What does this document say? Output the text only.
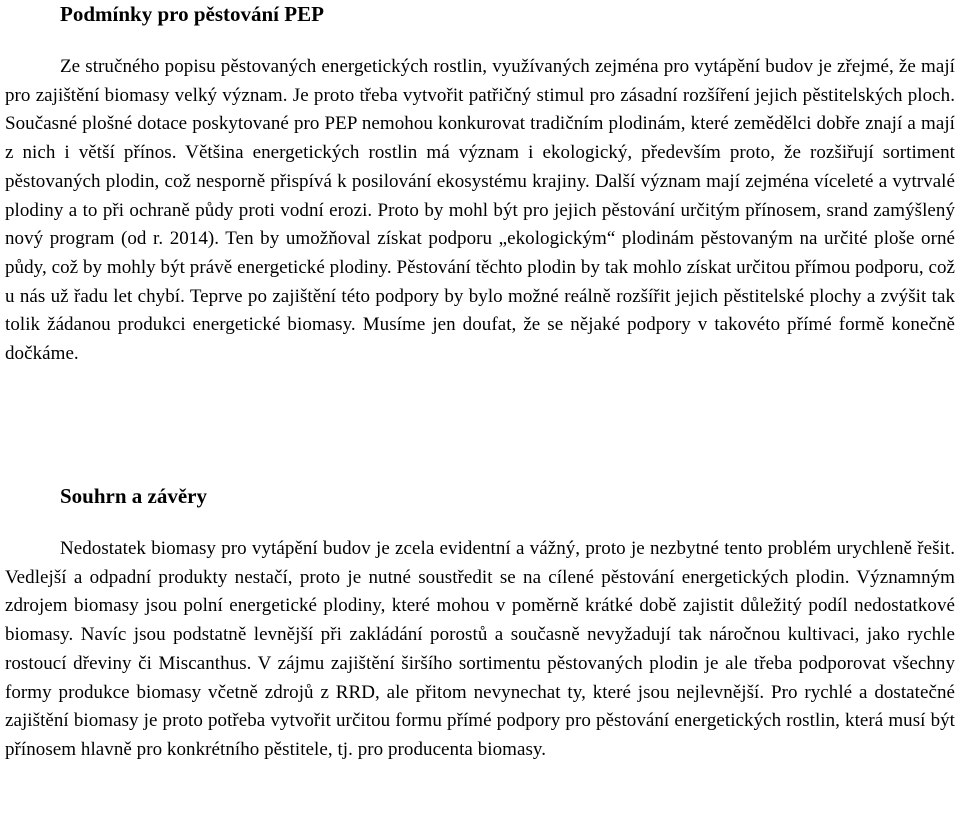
Podmínky pro pěstování PEP

Ze stručného popisu pěstovaných energetických rostlin, využívaných zejména pro vytápění budov je zřejmé, že mají pro zajištění biomasy velký význam. Je proto třeba vytvořit patřičný stimul pro zásadní rozšíření jejich pěstitelských ploch. Současné plošné dotace poskytované pro PEP nemohou konkurovat tradičním plodinám, které zemědělci dobře znají a mají z nich i větší přínos. Většina energetických rostlin má význam i ekologický, především proto, že rozšiřují sortiment pěstovaných plodin, což nesporně přispívá k posilování ekosystému krajiny. Další význam mají zejména víceleté a vytrvalé plodiny a to při ochraně půdy proti vodní erozi. Proto by mohl být pro jejich pěstování určitým přínosem, srand zamýšlený nový program (od r. 2014). Ten by umožňoval získat podporu „ekologickým“ plodinám pěstovaným na určité ploše orné půdy, což by mohly být právě energetické plodiny. Pěstování těchto plodin by tak mohlo získat určitou přímou podporu, což u nás už řadu let chybí. Teprve po zajištění této podpory by bylo možné reálně rozšířit jejich pěstitelské plochy a zvýšit tak tolik žádanou produkci energetické biomasy. Musíme jen doufat, že se nějaké podpory v takovéto přímé formě konečně dočkáme.

Souhrn a závěry

Nedostatek biomasy pro vytápění budov je zcela evidentní a vážný, proto je nezbytné tento problém urychleně řešit. Vedlejší a odpadní produkty nestačí, proto je nutné soustředit se na cílené pěstování energetických plodin. Významným zdrojem biomasy jsou polní energetické plodiny, které mohou v poměrně krátké době zajistit důležitý podíl nedostatkové biomasy. Navíc jsou podstatně levnější při zakládání porostů a současně nevyžadují tak náročnou kultivaci, jako rychle rostoucí dřeviny či Miscanthus. V zájmu zajištění širšího sortimentu pěstovaných plodin je ale třeba podporovat všechny formy produkce biomasy včetně zdrojů z RRD, ale přitom nevynechat ty, které jsou nejlevnější. Pro rychlé a dostatečné zajištění biomasy je proto potřeba vytvořit určitou formu přímé podpory pro pěstování energetických rostlin, která musí být přínosem hlavně pro konkrétního pěstitele, tj. pro producenta biomasy.
